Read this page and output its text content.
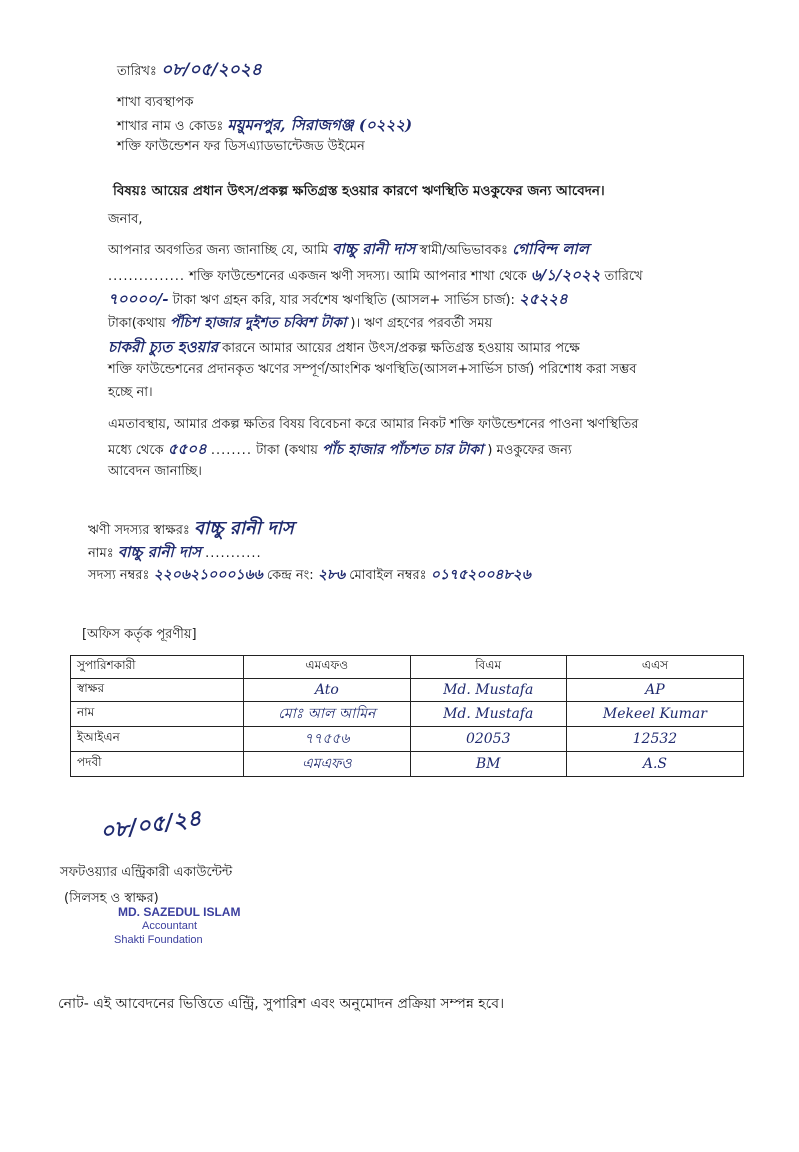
তারিখঃ ০৮/০৫/২০২৪
শাখা ব্যবস্থাপক
শাখার নাম ও কোডঃ ময়ুমনপুর, সিরাজগঞ্জ (০২২২)
শক্তি ফাউন্ডেশন ফর ডিসএ্যাডভান্টেজড উইমেন
বিষয়ঃ আয়ের প্রধান উৎস/প্রকল্প ক্ষতিগ্রস্ত হওয়ার কারণে ঋণস্থিতি মওকুফের জন্য আবেদন।
জনাব,
আপনার অবগতির জন্য জানাচ্ছি যে, আমি বাচ্চু রানী দাস স্বামী/অভিভাবকঃ গোবিন্দ লাল
............... শক্তি ফাউন্ডেশনের একজন ঋণী সদস্য। আমি আপনার শাখা থেকে ৬/১/২০২২ তারিখে
৭০০০০/- টাকা ঋণ গ্রহন করি, যার সর্বশেষ ঋণস্থিতি (আসল+ সার্ভিস চার্জ): ২৫২২৪
টাকা(কথায় পঁচিশ হাজার দুইশত চব্বিশ টাকা )। ঋণ গ্রহণের পরবর্তী সময়
চাকরী চ্যুত হওয়ার কারনে আমার আয়ের প্রধান উৎস/প্রকল্প ক্ষতিগ্রস্ত হওয়ায় আমার পক্ষে
শক্তি ফাউন্ডেশনের প্রদানকৃত ঋণের সম্পূর্ণ/আংশিক ঋণস্থিতি(আসল+সার্ভিস চার্জ) পরিশোধ করা সম্ভব
হচ্ছে না।
এমতাবস্থায়, আমার প্রকল্প ক্ষতির বিষয় বিবেচনা করে আমার নিকট শক্তি ফাউন্ডেশনের পাওনা ঋণস্থিতির
মধ্যে থেকে ৫৫০৪ ........ টাকা (কথায় পাঁচ হাজার পাঁচশত চার টাকা ) মওকুফের জন্য
আবেদন জানাচ্ছি।
ঋণী সদস্যর স্বাক্ষরঃ বাচ্চু রানী দাস
নামঃ বাচ্চু রানী দাস ...........
সদস্য নম্বরঃ ২২০৬২১০০০১৬৬ কেন্দ্র নং: ২৮৬ মোবাইল নম্বরঃ ০১৭৫২০০৪৮২৬
[অফিস কর্তৃক পূরণীয়]
সুপারিশকারী	এমএফও	বিএম	এএস
স্বাক্ষর	Ato	Md. Mustafa	AP
নাম	মোঃ আল আমিন	Md. Mustafa	Mekeel Kumar
ইআইএন	৭৭৫৫৬	02053	12532
পদবী	এমএফও	BM	A.S
০৮/০৫/২৪
সফটওয়্যার এন্ট্রিকারী একাউন্টেন্ট
(সিলসহ ও স্বাক্ষর)
MD. SAZEDUL ISLAM
Accountant
Shakti Foundation
নোট- এই আবেদনের ভিত্তিতে এন্ট্রি, সুপারিশ এবং অনুমোদন প্রক্রিয়া সম্পন্ন হবে।
